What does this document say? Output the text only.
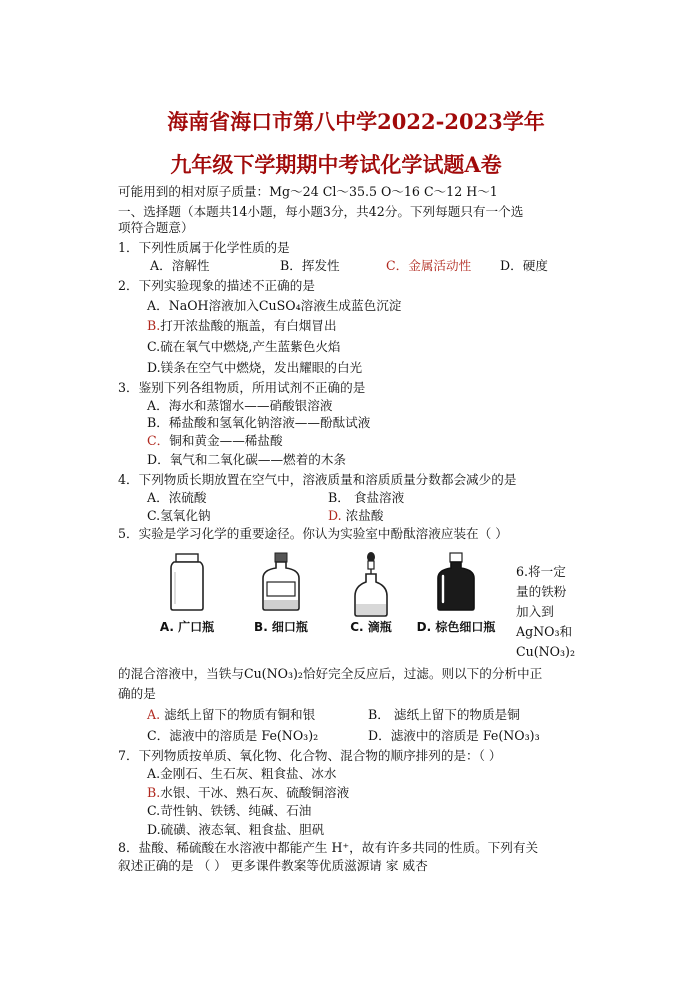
海南省海口市第八中学2022-2023学年
九年级下学期期中考试化学试题A卷
可能用到的相对原子质量：Mg～24 Cl～35.5 O～16 C～12 H～1
一、选择题（本题共14小题，每小题3分，共42分。下列每题只有一个选
项符合题意）
1．下列性质属于化学性质的是
A．溶解性	B．挥发性	C．金属活动性 D．硬度
2．下列实验现象的描述不正确的是
A．NaOH溶液加入CuSO₄溶液生成蓝色沉淀
B.打开浓盐酸的瓶盖，有白烟冒出
C.硫在氧气中燃烧,产生蓝紫色火焰
D.镁条在空气中燃烧，发出耀眼的白光
3．鉴别下列各组物质，所用试剂不正确的是
A．海水和蒸馏水——硝酸银溶液
B．稀盐酸和氢氧化钠溶液——酚酞试液
C．铜和黄金——稀盐酸
D．氧气和二氧化碳——燃着的木条
4．下列物质长期放置在空气中，溶液质量和溶质质量分数都会减少的是
A．浓硫酸	B． 食盐溶液
C.氢氧化钠	D. 浓盐酸
5．实验是学习化学的重要途径。你认为实验室中酚酞溶液应装在（ ）
A. 广口瓶	B. 细口瓶	C. 滴瓶	D. 棕色细口瓶
6.将一定
量的铁粉
加入到
AgNO₃和
Cu(NO₃)₂
的混合溶液中，当铁与Cu(NO₃)₂恰好完全反应后，过滤。则以下的分析中正
确的是
A. 滤纸上留下的物质有铜和银	B． 滤纸上留下的物质是铜
C．滤液中的溶质是 Fe(NO₃)₂	D．滤液中的溶质是 Fe(NO₃)₃
7．下列物质按单质、氧化物、化合物、混合物的顺序排列的是：（ ）
A.金刚石、生石灰、粗食盐、冰水
B.水银、干冰、熟石灰、硫酸铜溶液
C.苛性钠、铁锈、纯碱、石油
D.硫磺、液态氧、粗食盐、胆矾
8．盐酸、稀硫酸在水溶液中都能产生 H⁺，故有许多共同的性质。下列有关
叙述正确的是 （ ） 更多课件教案等优质滋源请 家 威杏
